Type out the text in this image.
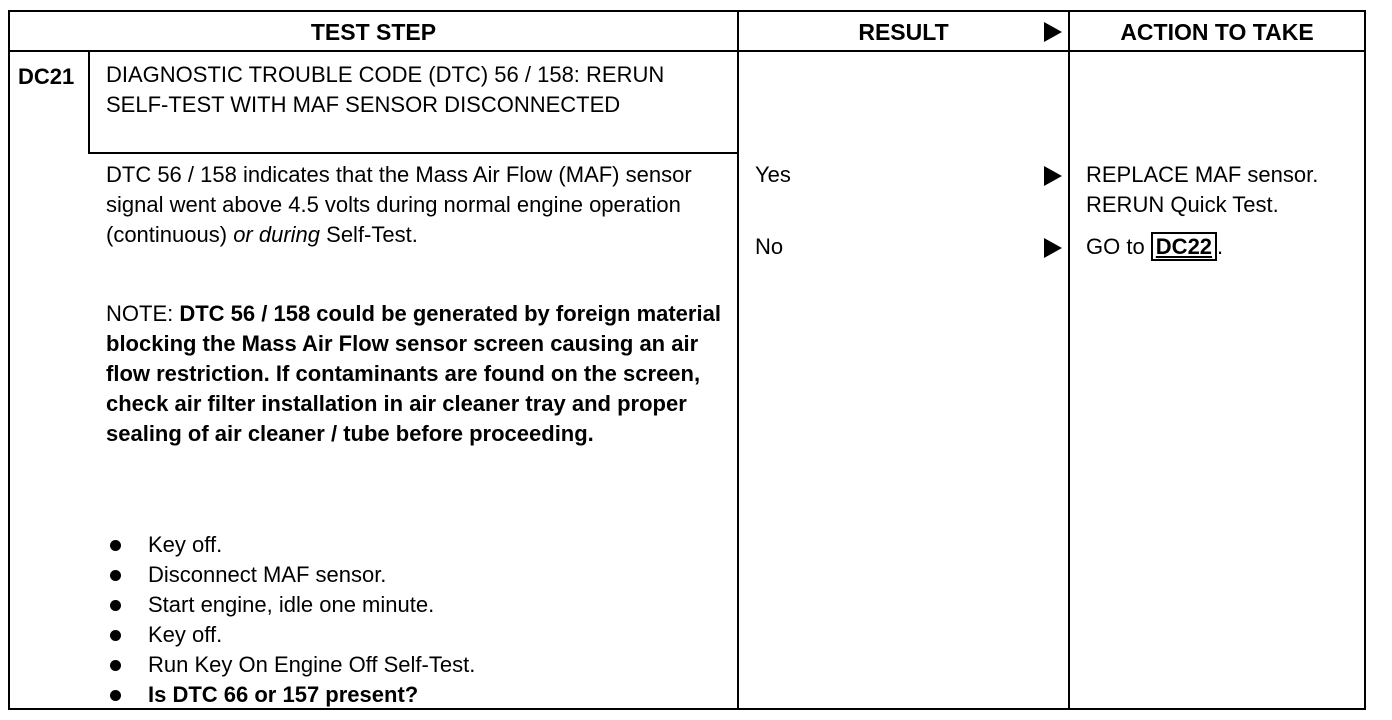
TEST STEP	RESULT	ACTION TO TAKE
DC21 DIAGNOSTIC TROUBLE CODE (DTC) 56 / 158: RERUN SELF-TEST WITH MAF SENSOR DISCONNECTED
DTC 56 / 158 indicates that the Mass Air Flow (MAF) sensor signal went above 4.5 volts during normal engine operation (continuous) or during Self-Test.
NOTE: DTC 56 / 158 could be generated by foreign material blocking the Mass Air Flow sensor screen causing an air flow restriction. If contaminants are found on the screen, check air filter installation in air cleaner tray and proper sealing of air cleaner / tube before proceeding.
Key off.
Disconnect MAF sensor.
Start engine, idle one minute.
Key off.
Run Key On Engine Off Self-Test.
Is DTC 66 or 157 present?
Yes
No
REPLACE MAF sensor.
RERUN Quick Test.
GO to DC22 .
